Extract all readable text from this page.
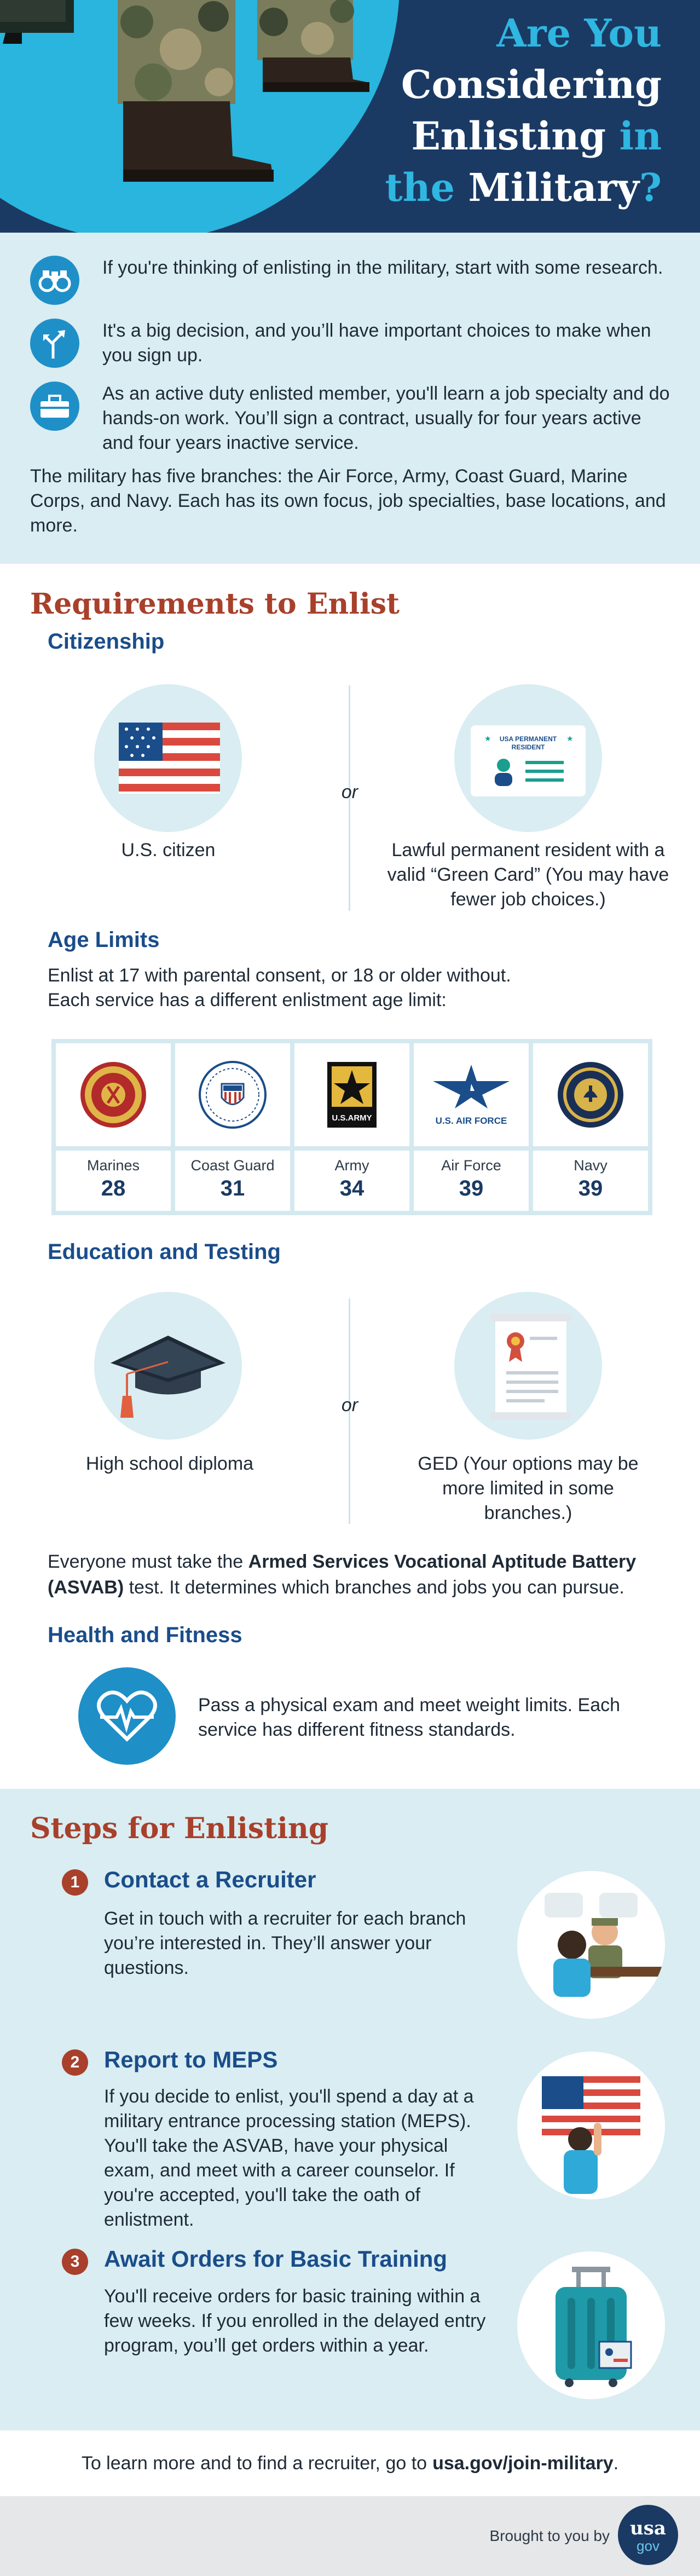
Are You
Considering
Enlisting in
the Military?
If you're thinking of enlisting in the military, start with some research.
It's a big decision, and you’ll have important choices to make when you sign up.
As an active duty enlisted member, you'll learn a job specialty and do hands-on work. You’ll sign a contract, usually for four years active and four years inactive service.
The military has five branches: the Air Force, Army, Coast Guard, Marine Corps, and Navy. Each has its own focus, job specialties, base locations, and more.
Requirements to Enlist
Citizenship
U.S. citizen
or
USA PERMANENT
RESIDENT
★	★
Lawful permanent resident with a valid “Green Card” (You may have fewer job choices.)
Age Limits
Enlist at 17 with parental consent, or 18 or older without.
Each service has a different enlistment age limit:
Marines
28
Coast Guard
31
U.S.ARMY
Army
34
U.S. AIR FORCE
Air Force
39
Navy
39
Education and Testing
High school diploma
or
GED (Your options may be more limited in some branches.)
Everyone must take the Armed Services Vocational Aptitude Battery (ASVAB) test. It determines which branches and jobs you can pursue.
Health and Fitness
Pass a physical exam and meet weight limits. Each service has different fitness standards.
Steps for Enlisting
1	Contact a Recruiter
Get in touch with a recruiter for each branch you’re interested in. They’ll answer your questions.
2	Report to MEPS
If you decide to enlist, you'll spend a day at a military entrance processing station (MEPS). You'll take the ASVAB, have your physical exam, and meet with a career counselor. If you're accepted, you'll take the oath of enlistment.
3	Await Orders for Basic Training
You'll receive orders for basic training within a few weeks. If you enrolled in the delayed entry program, you’ll get orders within a year.
To learn more and to find a recruiter, go to usa.gov/join-military .
Brought to you by	usa
gov
